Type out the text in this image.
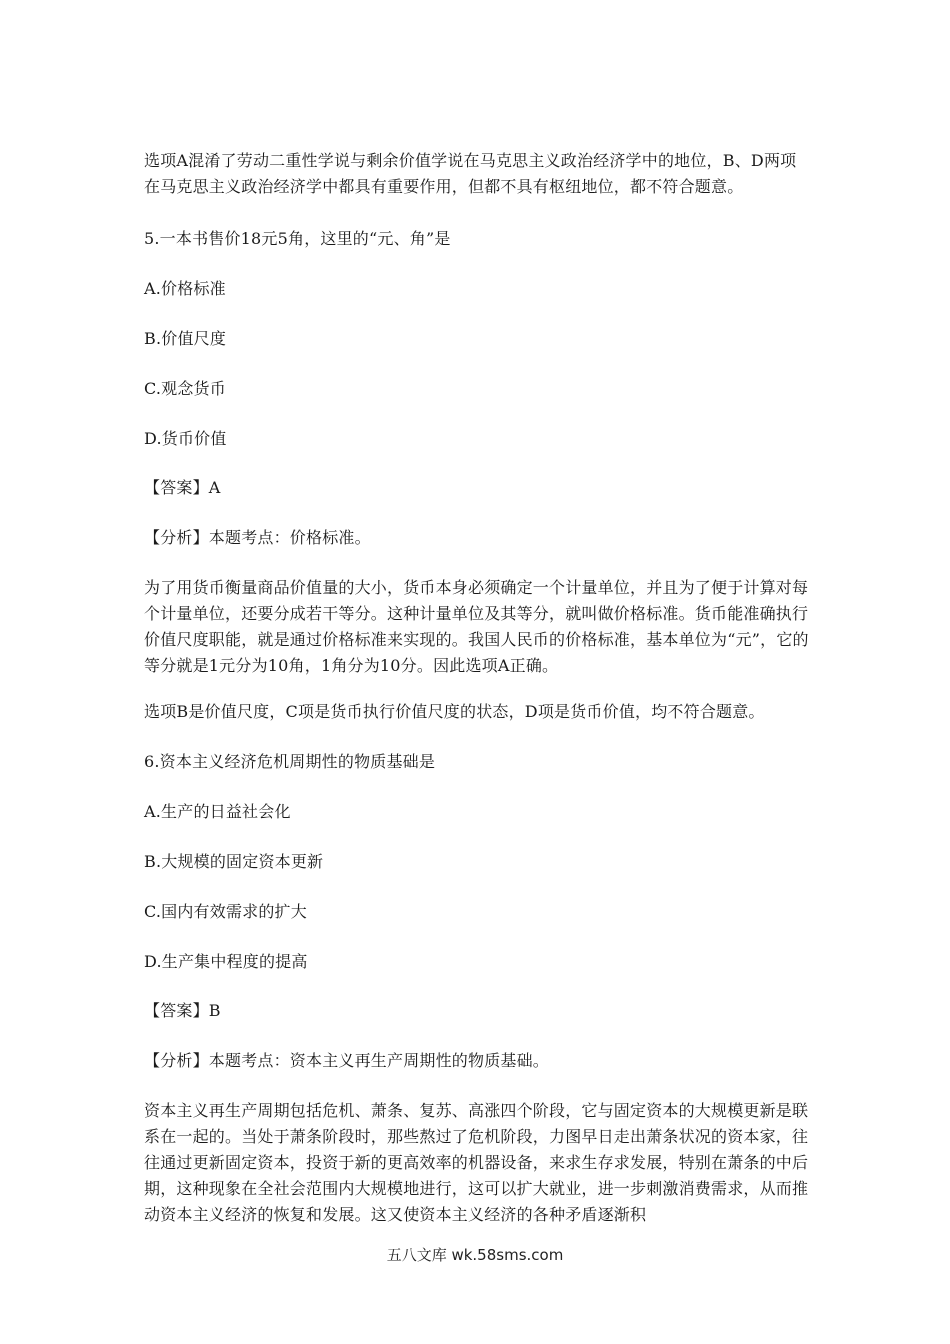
选项A混淆了劳动二重性学说与剩余价值学说在马克思主义政治经济学中的地位，B、D两项在马克思主义政治经济学中都具有重要作用，但都不具有枢纽地位，都不符合题意。

5.一本书售价18元5角，这里的“元、角”是

A.价格标准

B.价值尺度

C.观念货币

D.货币价值

【答案】A

【分析】本题考点：价格标准。

为了用货币衡量商品价值量的大小，货币本身必须确定一个计量单位，并且为了便于计算对每个计量单位，还要分成若干等分。这种计量单位及其等分，就叫做价格标准。货币能准确执行价值尺度职能，就是通过价格标准来实现的。我国人民币的价格标准，基本单位为“元”，它的等分就是1元分为10角，1角分为10分。因此选项A正确。

选项B是价值尺度，C项是货币执行价值尺度的状态，D项是货币价值，均不符合题意。

6.资本主义经济危机周期性的物质基础是

A.生产的日益社会化

B.大规模的固定资本更新

C.国内有效需求的扩大

D.生产集中程度的提高

【答案】B

【分析】本题考点：资本主义再生产周期性的物质基础。

资本主义再生产周期包括危机、萧条、复苏、高涨四个阶段，它与固定资本的大规模更新是联系在一起的。当处于萧条阶段时，那些熬过了危机阶段，力图早日走出萧条状况的资本家，往往通过更新固定资本，投资于新的更高效率的机器设备，来求生存求发展，特别在萧条的中后期，这种现象在全社会范围内大规模地进行，这可以扩大就业，进一步刺激消费需求，从而推动资本主义经济的恢复和发展。这又使资本主义经济的各种矛盾逐渐积

五八文库 wk.58sms.com
